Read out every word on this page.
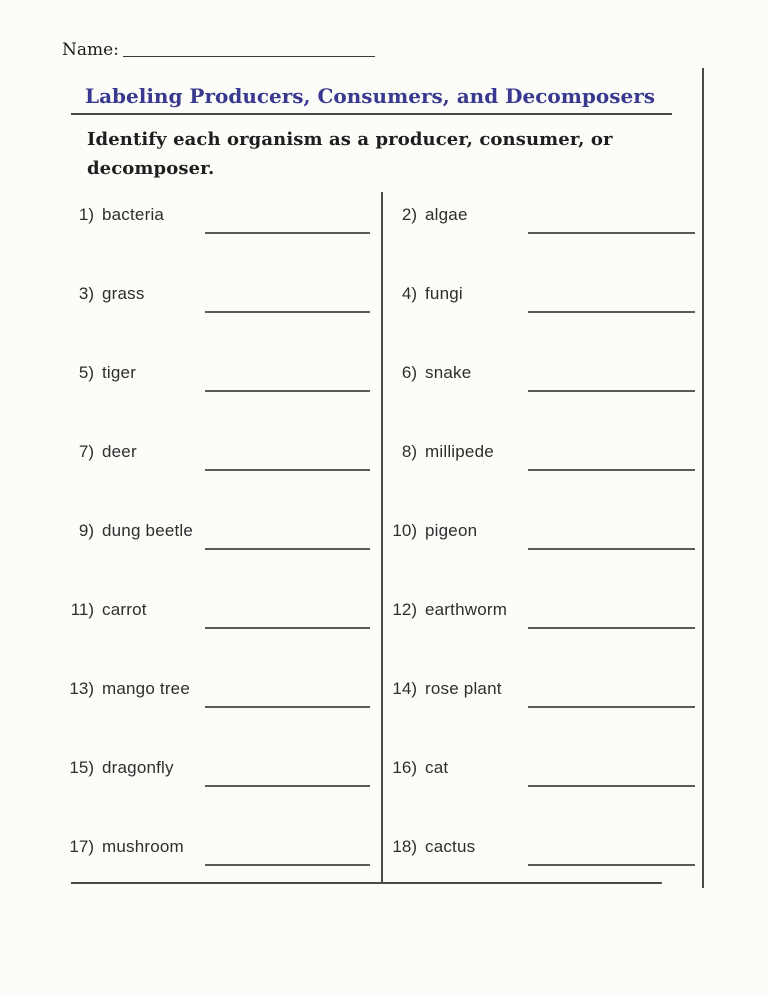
Name:
Labeling Producers, Consumers, and Decomposers
Identify each organism as a producer, consumer, or decomposer.
1) bacteria	2) algae
3) grass	4) fungi
5) tiger	6) snake
7) deer	8) millipede
9) dung beetle	10) pigeon
11) carrot	12) earthworm
13) mango tree	14) rose plant
15) dragonfly	16) cat
17) mushroom	18) cactus
